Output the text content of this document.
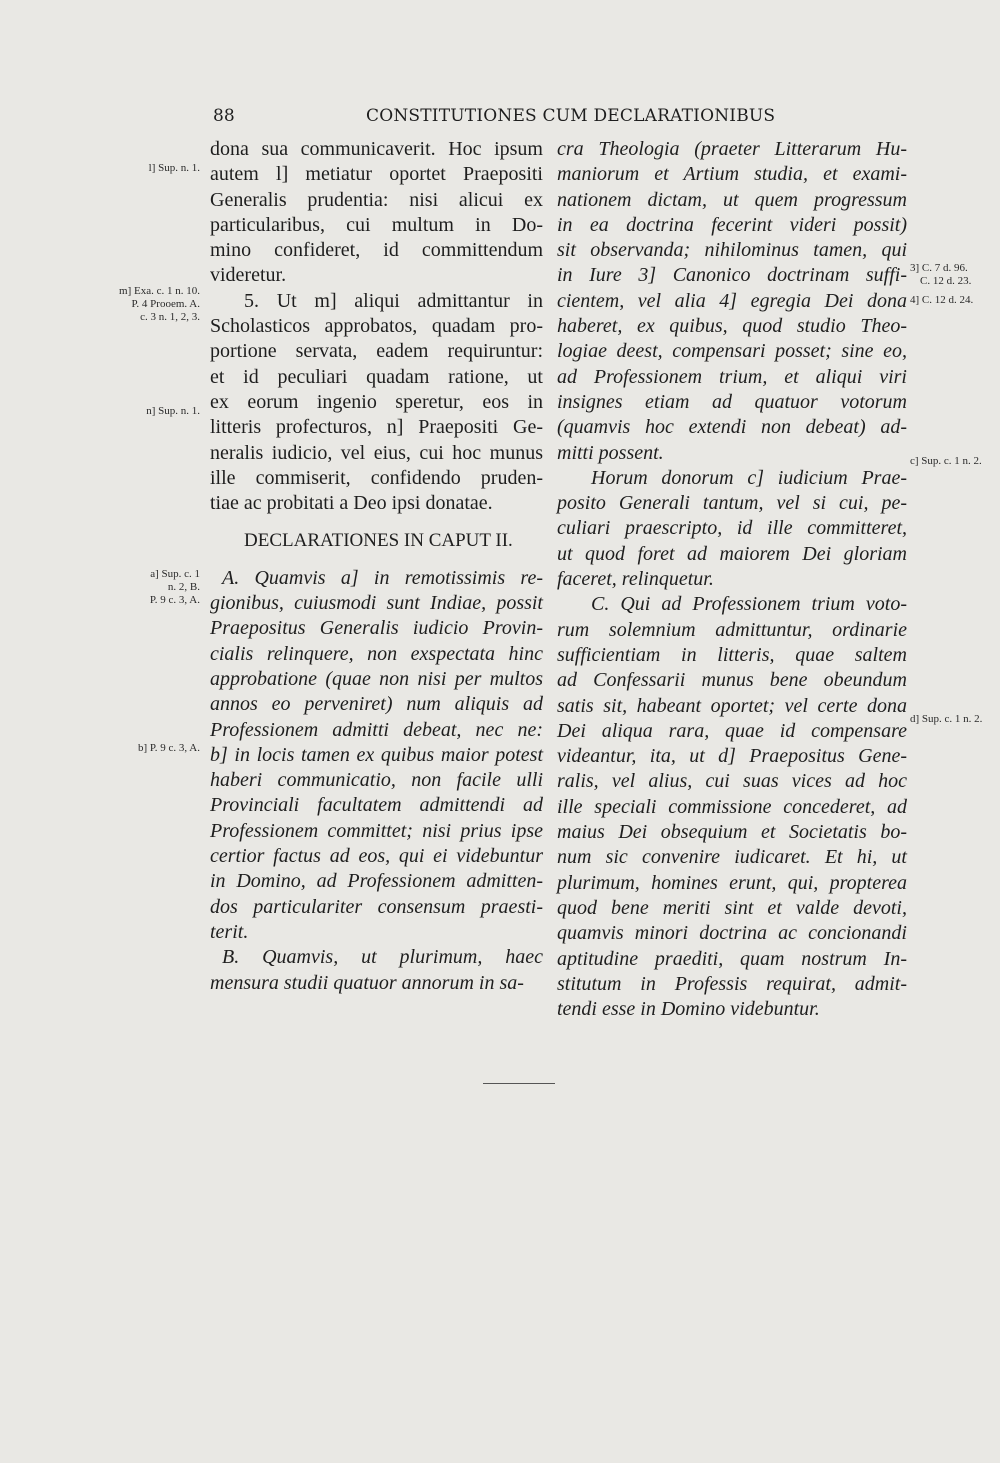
88	CONSTITUTIONES CUM DECLARATIONIBUS
l] Sup. n. 1.
m] Exa. c. 1 n. 10.
P. 4 Prooem. A.
c. 3 n. 1, 2, 3.
n] Sup. n. 1.
a] Sup. c. 1
n. 2, B.
P. 9 c. 3, A.
b] P. 9 c. 3, A.
3] C. 7 d. 96.
C. 12 d. 23.
4] C. 12 d. 24.
c] Sup. c. 1 n. 2.
d] Sup. c. 1 n. 2.

dona sua communicaverit. Hoc ipsum
autem l] metiatur oportet Praepositi
Generalis prudentia: nisi alicui ex
particularibus, cui multum in Do-
mino confideret, id committendum
videretur.

5. Ut m] aliqui admittantur in
Scholasticos approbatos, quadam pro-
portione servata, eadem requiruntur:
et id peculiari quadam ratione, ut
ex eorum ingenio speretur, eos in
litteris profecturos, n] Praepositi Ge-
neralis iudicio, vel eius, cui hoc munus
ille commiserit, confidendo pruden-
tiae ac probitati a Deo ipsi donatae.

DECLARATIONES IN CAPUT II.

A. Quamvis a] in remotissimis re-
gionibus, cuiusmodi sunt Indiae, possit
Praepositus Generalis iudicio Provin-
cialis relinquere, non exspectata hinc
approbatione (quae non nisi per multos
annos eo perveniret) num aliquis ad
Professionem admitti debeat, nec ne:
b] in locis tamen ex quibus maior potest
haberi communicatio, non facile ulli
Provinciali facultatem admittendi ad
Professionem committet; nisi prius ipse
certior factus ad eos, qui ei videbuntur
in Domino, ad Professionem admitten-
dos particulariter consensum praesti-
terit.

B. Quamvis, ut plurimum, haec
mensura studii quatuor annorum in sa-

cra Theologia (praeter Litterarum Hu-
maniorum et Artium studia, et exami-
nationem dictam, ut quem progressum
in ea doctrina fecerint videri possit)
sit observanda; nihilominus tamen, qui
in Iure 3] Canonico doctrinam suffi-
cientem, vel alia 4] egregia Dei dona
haberet, ex quibus, quod studio Theo-
logiae deest, compensari posset; sine eo,
ad Professionem trium, et aliqui viri
insignes etiam ad quatuor votorum
(quamvis hoc extendi non debeat) ad-
mitti possent.

Horum donorum c] iudicium Prae-
posito Generali tantum, vel si cui, pe-
culiari praescripto, id ille committeret,
ut quod foret ad maiorem Dei gloriam
faceret, relinquetur.

C. Qui ad Professionem trium voto-
rum solemnium admittuntur, ordinarie
sufficientiam in litteris, quae saltem
ad Confessarii munus bene obeundum
satis sit, habeant oportet; vel certe dona
Dei aliqua rara, quae id compensare
videantur, ita, ut d] Praepositus Gene-
ralis, vel alius, cui suas vices ad hoc
ille speciali commissione concederet, ad
maius Dei obsequium et Societatis bo-
num sic convenire iudicaret. Et hi, ut
plurimum, homines erunt, qui, propterea
quod bene meriti sint et valde devoti,
quamvis minori doctrina ac concionandi
aptitudine praediti, quam nostrum In-
stitutum in Professis requirat, admit-
tendi esse in Domino videbuntur.
